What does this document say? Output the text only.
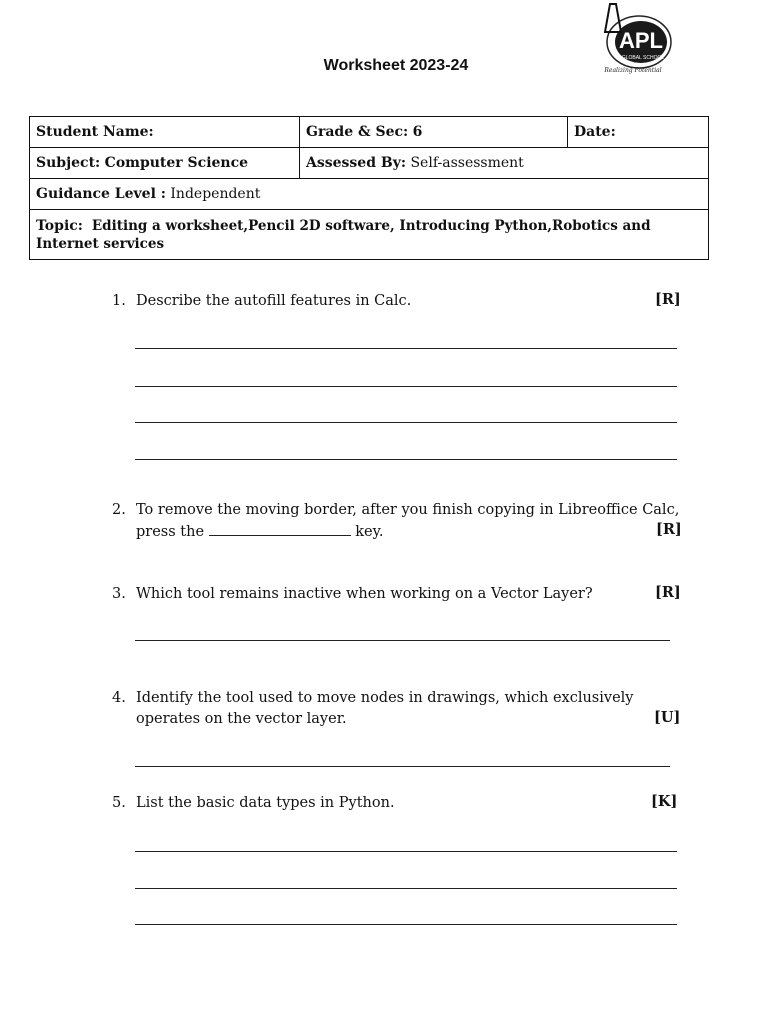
APL
GLOBAL SCHOOL
Realizing Potential
Worksheet 2023-24
Student Name:	Grade & Sec: 6	Date:
Subject: Computer Science	Assessed By: Self-assessment	
Guidance Level : Independent		
Topic: Editing a worksheet,Pencil 2D software, Introducing Python,Robotics and Internet services		
1. Describe the autofill features in Calc.	[R]
2. To remove the moving border, after you finish copying in Libreoffice Calc,
press the	key.	[R]
3. Which tool remains inactive when working on a Vector Layer?	[R]
4. Identify the tool used to move nodes in drawings, which exclusively
operates on the vector layer.	[U]
5. List the basic data types in Python.	[K]
